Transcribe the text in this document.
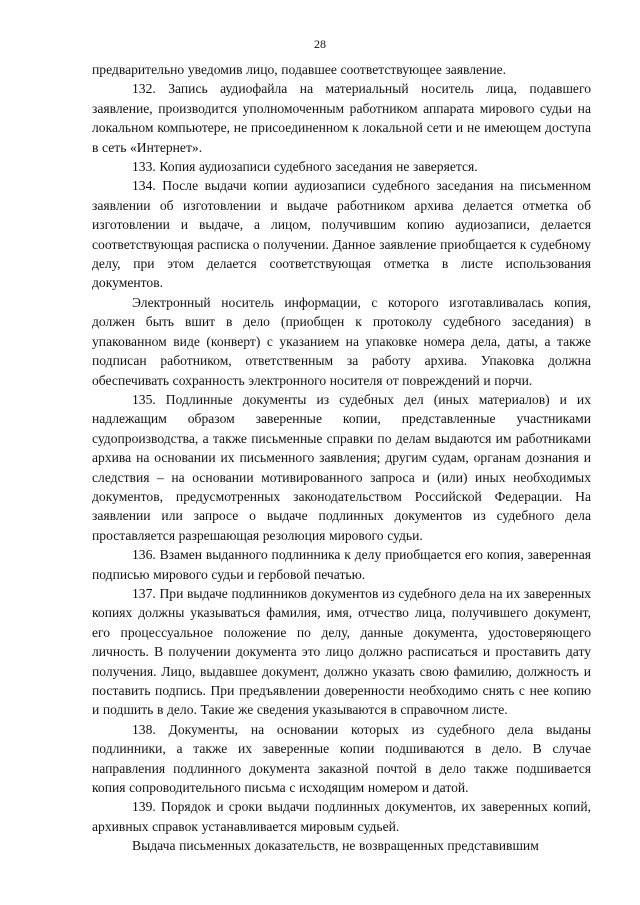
28

предварительно уведомив лицо, подавшее соответствующее заявление.

132. Запись аудиофайла на материальный носитель лица, подавшего заявление, производится уполномоченным работником аппарата мирового судьи на локальном компьютере, не присоединенном к локальной сети и не имеющем доступа в сеть «Интернет».

133. Копия аудиозаписи судебного заседания не заверяется.

134. После выдачи копии аудиозаписи судебного заседания на письменном заявлении об изготовлении и выдаче работником архива делается отметка об изготовлении и выдаче, а лицом, получившим копию аудиозаписи, делается соответствующая расписка о получении. Данное заявление приобщается к судебному делу, при этом делается соответствующая отметка в листе использования документов.

Электронный носитель информации, с которого изготавливалась копия, должен быть вшит в дело (приобщен к протоколу судебного заседания) в упакованном виде (конверт) с указанием на упаковке номера дела, даты, а также подписан работником, ответственным за работу архива. Упаковка должна обеспечивать сохранность электронного носителя от повреждений и порчи.

135. Подлинные документы из судебных дел (иных материалов) и их надлежащим образом заверенные копии, представленные участниками судопроизводства, а также письменные справки по делам выдаются им работниками архива на основании их письменного заявления; другим судам, органам дознания и следствия – на основании мотивированного запроса и (или) иных необходимых документов, предусмотренных законодательством Российской Федерации. На заявлении или запросе о выдаче подлинных документов из судебного дела проставляется разрешающая резолюция мирового судьи.

136. Взамен выданного подлинника к делу приобщается его копия, заверенная подписью мирового судьи и гербовой печатью.

137. При выдаче подлинников документов из судебного дела на их заверенных копиях должны указываться фамилия, имя, отчество лица, получившего документ, его процессуальное положение по делу, данные документа, удостоверяющего личность. В получении документа это лицо должно расписаться и проставить дату получения. Лицо, выдавшее документ, должно указать свою фамилию, должность и поставить подпись. При предъявлении доверенности необходимо снять с нее копию и подшить в дело. Такие же сведения указываются в справочном листе.

138. Документы, на основании которых из судебного дела выданы подлинники, а также их заверенные копии подшиваются в дело. В случае направления подлинного документа заказной почтой в дело также подшивается копия сопроводительного письма с исходящим номером и датой.

139. Порядок и сроки выдачи подлинных документов, их заверенных копий, архивных справок устанавливается мировым судьей.

Выдача письменных доказательств, не возвращенных представившим
